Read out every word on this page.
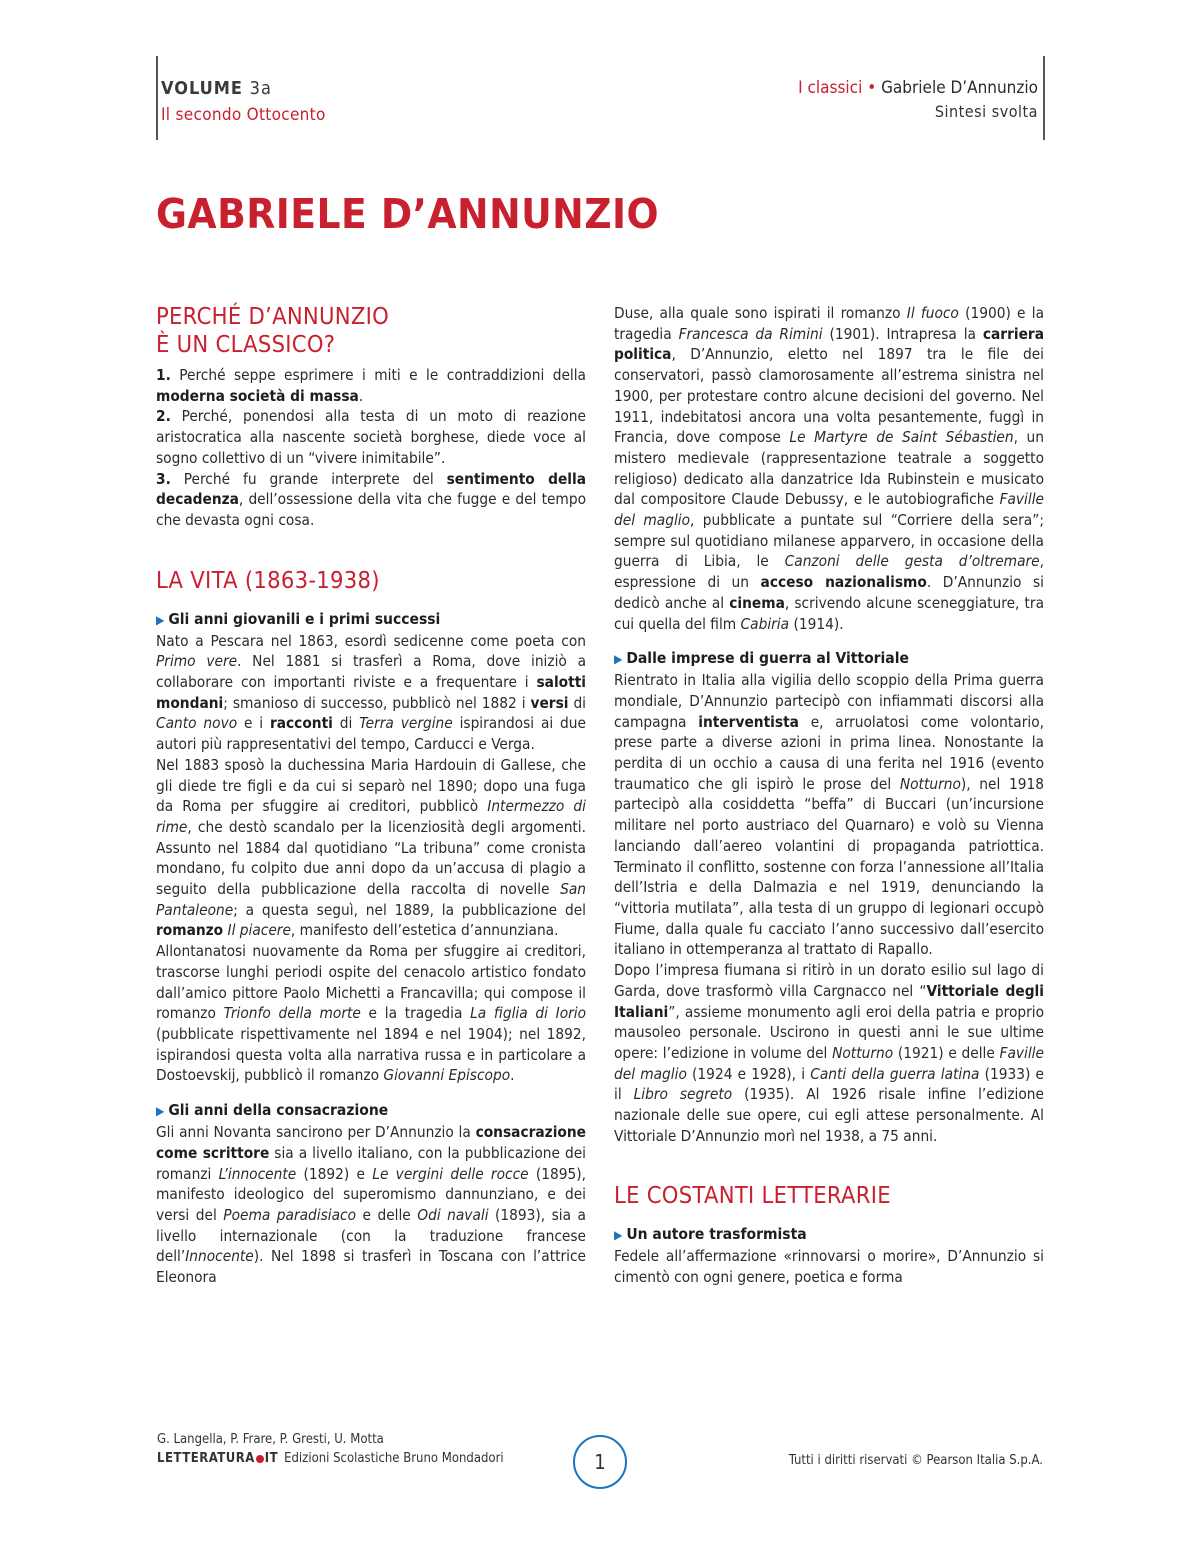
VOLUME 3a
Il secondo Ottocento
I classici • Gabriele D’Annunzio
Sintesi svolta
GABRIELE D’ANNUNZIO
PERCHÉ D’ANNUNZIO
È UN CLASSICO?

1. Perché seppe esprimere i miti e le contraddizioni della moderna società di massa.

2. Perché, ponendosi alla testa di un moto di reazione aristocratica alla nascente società borghese, diede voce al sogno collettivo di un “vivere inimitabile”.

3. Perché fu grande interprete del sentimento della decadenza, dell’ossessione della vita che fugge e del tempo che devasta ogni cosa.

LA VITA (1863-1938)
▶ Gli anni giovanili e i primi successi

Nato a Pescara nel 1863, esordì sedicenne come poeta con Primo vere. Nel 1881 si trasferì a Roma, dove iniziò a collaborare con importanti riviste e a frequentare i salotti mondani; smanioso di successo, pubblicò nel 1882 i versi di Canto novo e i racconti di Terra vergine ispirandosi ai due autori più rappresentativi del tempo, Carducci e Verga.

Nel 1883 sposò la duchessina Maria Hardouin di Gallese, che gli diede tre figli e da cui si separò nel 1890; dopo una fuga da Roma per sfuggire ai creditori, pubblicò Intermezzo di rime, che destò scandalo per la licenziosità degli argomenti. Assunto nel 1884 dal quotidiano “La tribuna” come cronista mondano, fu colpito due anni dopo da un’accusa di plagio a seguito della pubblicazione della raccolta di novelle San Pantaleone; a questa seguì, nel 1889, la pubblicazione del romanzo Il piacere, manifesto dell’estetica d’annunziana.

Allontanatosi nuovamente da Roma per sfuggire ai creditori, trascorse lunghi periodi ospite del cenacolo artistico fondato dall’amico pittore Paolo Michetti a Francavilla; qui compose il romanzo Trionfo della morte e la tragedia La figlia di Iorio (pubblicate rispettivamente nel 1894 e nel 1904); nel 1892, ispirandosi questa volta alla narrativa russa e in particolare a Dostoevskij, pubblicò il romanzo Giovanni Episcopo.

▶ Gli anni della consacrazione

Gli anni Novanta sancirono per D’Annunzio la consacrazione come scrittore sia a livello italiano, con la pubblicazione dei romanzi L’innocente (1892) e Le vergini delle rocce (1895), manifesto ideologico del superomismo dannunziano, e dei versi del Poema paradisiaco e delle Odi navali (1893), sia a livello internazionale (con la traduzione francese dell’Innocente). Nel 1898 si trasferì in Toscana con l’attrice Eleonora

Duse, alla quale sono ispirati il romanzo Il fuoco (1900) e la tragedia Francesca da Rimini (1901). Intrapresa la carriera politica, D’Annunzio, eletto nel 1897 tra le file dei conservatori, passò clamorosamente all’estrema sinistra nel 1900, per protestare contro alcune decisioni del governo. Nel 1911, indebitatosi ancora una volta pesantemente, fuggì in Francia, dove compose Le Martyre de Saint Sébastien, un mistero medievale (rappresentazione teatrale a soggetto religioso) dedicato alla danzatrice Ida Rubinstein e musicato dal compositore Claude Debussy, e le autobiografiche Faville del maglio, pubblicate a puntate sul “Corriere della sera”; sempre sul quotidiano milanese apparvero, in occasione della guerra di Libia, le Canzoni delle gesta d’oltremare, espressione di un acceso nazionalismo. D’Annunzio si dedicò anche al cinema, scrivendo alcune sceneggiature, tra cui quella del film Cabiria (1914).

▶ Dalle imprese di guerra al Vittoriale

Rientrato in Italia alla vigilia dello scoppio della Prima guerra mondiale, D’Annunzio partecipò con infiammati discorsi alla campagna interventista e, arruolatosi come volontario, prese parte a diverse azioni in prima linea. Nonostante la perdita di un occhio a causa di una ferita nel 1916 (evento traumatico che gli ispirò le prose del Notturno), nel 1918 partecipò alla cosiddetta “beffa” di Buccari (un’incursione militare nel porto austriaco del Quarnaro) e volò su Vienna lanciando dall’aereo volantini di propaganda patriottica. Terminato il conflitto, sostenne con forza l’annessione all’Italia dell’Istria e della Dalmazia e nel 1919, denunciando la “vittoria mutilata”, alla testa di un gruppo di legionari occupò Fiume, dalla quale fu cacciato l’anno successivo dall’esercito italiano in ottemperanza al trattato di Rapallo.

Dopo l’impresa fiumana si ritirò in un dorato esilio sul lago di Garda, dove trasformò villa Cargnacco nel “Vittoriale degli Italiani”, assieme monumento agli eroi della patria e proprio mausoleo personale. Uscirono in questi anni le sue ultime opere: l’edizione in volume del Notturno (1921) e delle Faville del maglio (1924 e 1928), i Canti della guerra latina (1933) e il Libro segreto (1935). Al 1926 risale infine l’edizione nazionale delle sue opere, cui egli attese personalmente. Al Vittoriale D’Annunzio morì nel 1938, a 75 anni.

LE COSTANTI LETTERARIE
▶ Un autore trasformista

Fedele all’affermazione «rinnovarsi o morire», D’Annunzio si cimentò con ogni genere, poetica e forma

G. Langella, P. Frare, P. Gresti, U. Motta
LETTERATURA IT Edizioni Scolastiche Bruno Mondadori	1	Tutti i diritti riservati © Pearson Italia S.p.A.
